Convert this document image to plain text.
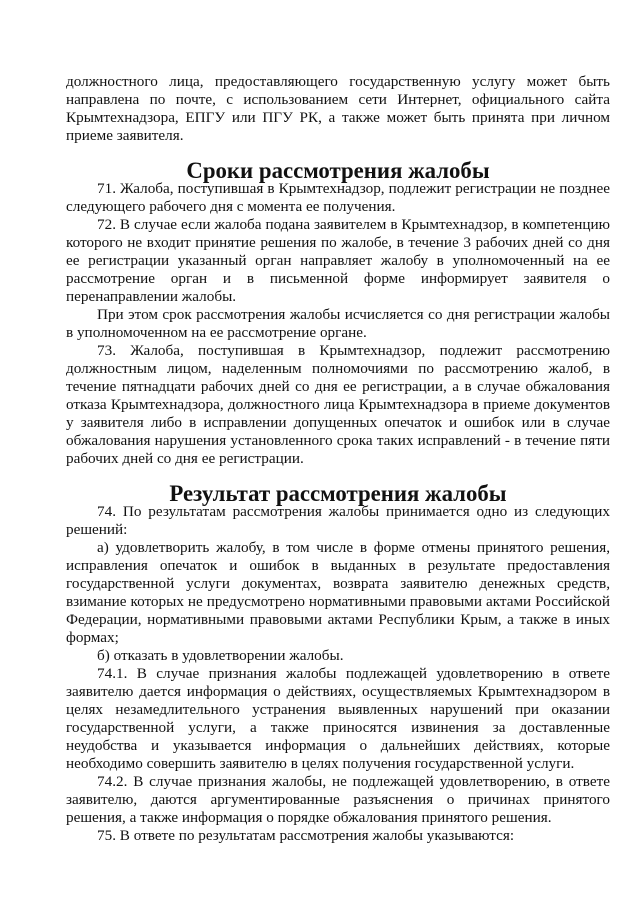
должностного лица, предоставляющего государственную услугу может быть направлена по почте, с использованием сети Интернет, официального сайта Крымтехнадзора, ЕПГУ или ПГУ РК, а также может быть принята при личном приеме заявителя.

Сроки рассмотрения жалобы

71. Жалоба, поступившая в Крымтехнадзор, подлежит регистрации не позднее следующего рабочего дня с момента ее получения.

72. В случае если жалоба подана заявителем в Крымтехнадзор, в компетенцию которого не входит принятие решения по жалобе, в течение 3 рабочих дней со дня ее регистрации указанный орган направляет жалобу в уполномоченный на ее рассмотрение орган и в письменной форме информирует заявителя о перенаправлении жалобы.

При этом срок рассмотрения жалобы исчисляется со дня регистрации жалобы в уполномоченном на ее рассмотрение органе.

73. Жалоба, поступившая в Крымтехнадзор, подлежит рассмотрению должностным лицом, наделенным полномочиями по рассмотрению жалоб, в течение пятнадцати рабочих дней со дня ее регистрации, а в случае обжалования отказа Крымтехнадзора, должностного лица Крымтехнадзора в приеме документов у заявителя либо в исправлении допущенных опечаток и ошибок или в случае обжалования нарушения установленного срока таких исправлений - в течение пяти рабочих дней со дня ее регистрации.

Результат рассмотрения жалобы

74. По результатам рассмотрения жалобы принимается одно из следующих решений:

а) удовлетворить жалобу, в том числе в форме отмены принятого решения, исправления опечаток и ошибок в выданных в результате предоставления государственной услуги документах, возврата заявителю денежных средств, взимание которых не предусмотрено нормативными правовыми актами Российской Федерации, нормативными правовыми актами Республики Крым, а также в иных формах;

б) отказать в удовлетворении жалобы.

74.1. В случае признания жалобы подлежащей удовлетворению в ответе заявителю дается информация о действиях, осуществляемых Крымтехнадзором в целях незамедлительного устранения выявленных нарушений при оказании государственной услуги, а также приносятся извинения за доставленные неудобства и указывается информация о дальнейших действиях, которые необходимо совершить заявителю в целях получения государственной услуги.

74.2. В случае признания жалобы, не подлежащей удовлетворению, в ответе заявителю, даются аргументированные разъяснения о причинах принятого решения, а также информация о порядке обжалования принятого решения.

75. В ответе по результатам рассмотрения жалобы указываются:
